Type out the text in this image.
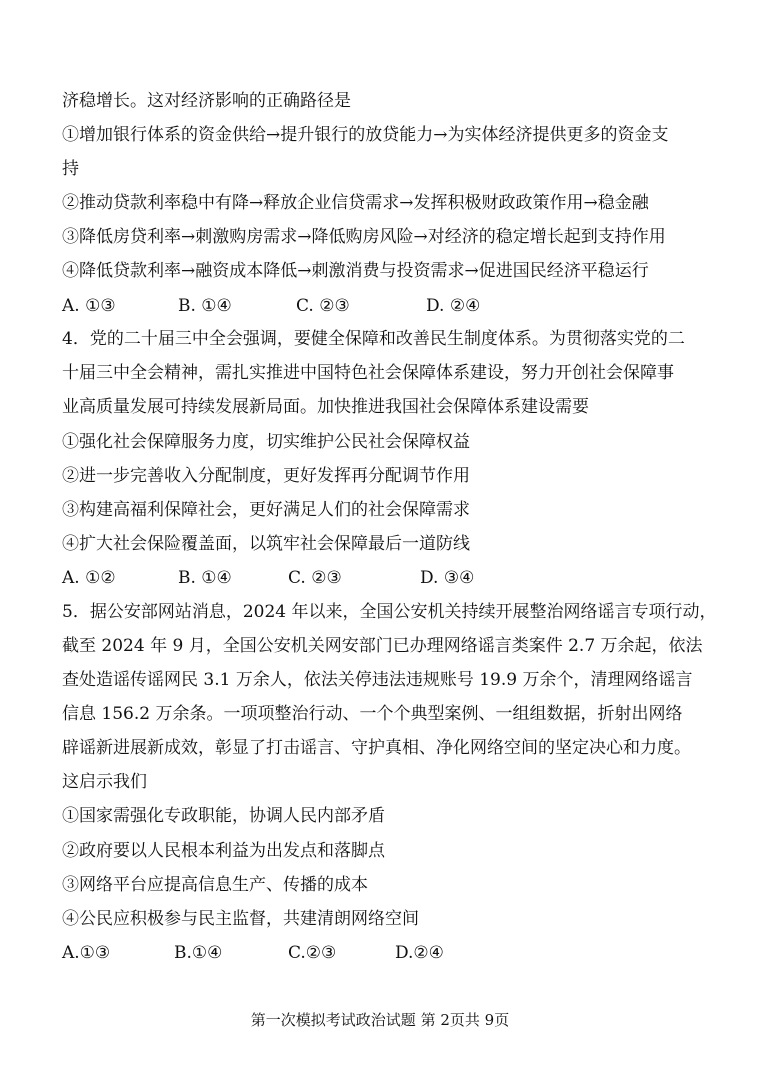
济稳增长。这对经济影响的正确路径是
①增加银行体系的资金供给→提升银行的放贷能力→为实体经济提供更多的资金支
持
②推动贷款利率稳中有降→释放企业信贷需求→发挥积极财政政策作用→稳金融
③降低房贷利率→刺激购房需求→降低购房风险→对经济的稳定增长起到支持作用
④降低贷款利率→融资成本降低→刺激消费与投资需求→促进国民经济平稳运行
A. ①③	B. ①④	C. ②③	D. ②④
4．党的二十届三中全会强调，要健全保障和改善民生制度体系。为贯彻落实党的二
十届三中全会精神，需扎实推进中国特色社会保障体系建设，努力开创社会保障事
业高质量发展可持续发展新局面。加快推进我国社会保障体系建设需要
①强化社会保障服务力度，切实维护公民社会保障权益
②进一步完善收入分配制度，更好发挥再分配调节作用
③构建高福利保障社会，更好满足人们的社会保障需求
④扩大社会保险覆盖面，以筑牢社会保障最后一道防线
A. ①②	B. ①④	C. ②③	D. ③④
5．据公安部网站消息，2024 年以来，全国公安机关持续开展整治网络谣言专项行动，
截至 2024 年 9 月，全国公安机关网安部门已办理网络谣言类案件 2.7 万余起，依法
查处造谣传谣网民 3.1 万余人，依法关停违法违规账号 19.9 万余个，清理网络谣言
信息 156.2 万余条。一项项整治行动、一个个典型案例、一组组数据，折射出网络
辟谣新进展新成效，彰显了打击谣言、守护真相、净化网络空间的坚定决心和力度。
这启示我们
①国家需强化专政职能，协调人民内部矛盾
②政府要以人民根本利益为出发点和落脚点
③网络平台应提高信息生产、传播的成本
④公民应积极参与民主监督，共建清朗网络空间
A.①③	B.①④	C.②③	D.②④
第一次模拟考试政治试题 第 2页共 9页
